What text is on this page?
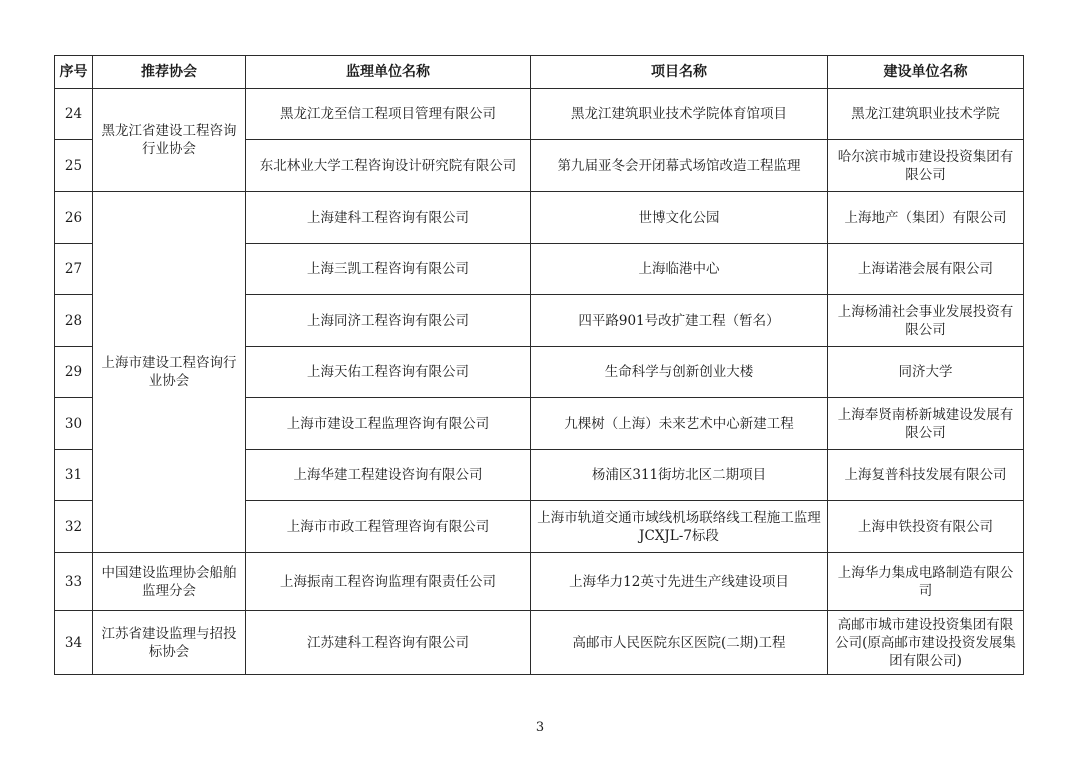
序号	推荐协会	监理单位名称	项目名称	建设单位名称
24	黑龙江省建设工程咨询行业协会	黑龙江龙至信工程项目管理有限公司	黑龙江建筑职业技术学院体育馆项目	黑龙江建筑职业技术学院
25		东北林业大学工程咨询设计研究院有限公司	第九届亚冬会开闭幕式场馆改造工程监理	哈尔滨市城市建设投资集团有限公司
26	上海市建设工程咨询行业协会	上海建科工程咨询有限公司	世博文化公园	上海地产（集团）有限公司
27		上海三凯工程咨询有限公司	上海临港中心	上海诺港会展有限公司
28		上海同济工程咨询有限公司	四平路901号改扩建工程（暂名）	上海杨浦社会事业发展投资有限公司
29		上海天佑工程咨询有限公司	生命科学与创新创业大楼	同济大学
30		上海市建设工程监理咨询有限公司	九棵树（上海）未来艺术中心新建工程	上海奉贤南桥新城建设发展有限公司
31		上海华建工程建设咨询有限公司	杨浦区311街坊北区二期项目	上海复普科技发展有限公司
32		上海市市政工程管理咨询有限公司	上海市轨道交通市域线机场联络线工程施工监理JCXJL-7标段	上海申铁投资有限公司
33	中国建设监理协会船舶监理分会	上海振南工程咨询监理有限责任公司	上海华力12英寸先进生产线建设项目	上海华力集成电路制造有限公司
34	江苏省建设监理与招投标协会	江苏建科工程咨询有限公司	高邮市人民医院东区医院(二期)工程	高邮市城市建设投资集团有限公司(原高邮市建设投资发展集团有限公司)
3
